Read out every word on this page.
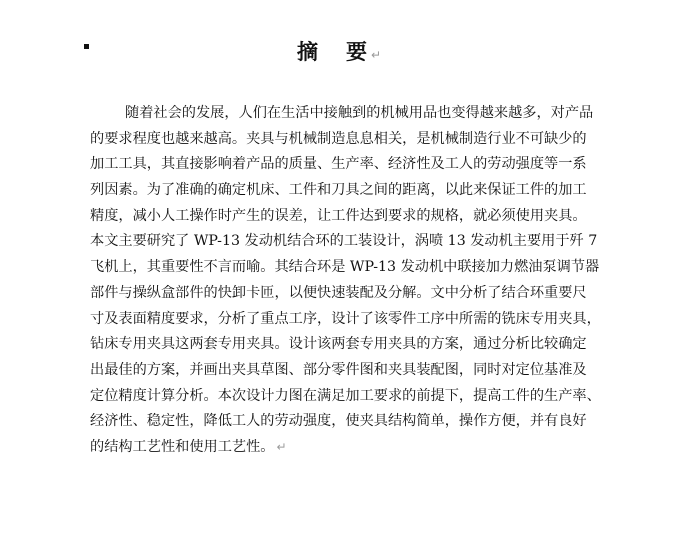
摘 要 ↵
随着社会的发展，人们在生活中接触到的机械用品也变得越来越多，对产品
的要求程度也越来越高。夹具与机械制造息息相关，是机械制造行业不可缺少的
加工工具，其直接影响着产品的质量、生产率、经济性及工人的劳动强度等一系
列因素。为了准确的确定机床、工件和刀具之间的距离，以此来保证工件的加工
精度，减小人工操作时产生的误差，让工件达到要求的规格，就必须使用夹具。
本文主要研究了 WP-13 发动机结合环的工装设计，涡喷 13 发动机主要用于歼 7
飞机上，其重要性不言而喻。其结合环是 WP-13 发动机中联接加力燃油泵调节器
部件与操纵盒部件的快卸卡匝，以便快速装配及分解。文中分析了结合环重要尺
寸及表面精度要求，分析了重点工序，设计了该零件工序中所需的铣床专用夹具，
钻床专用夹具这两套专用夹具。设计该两套专用夹具的方案，通过分析比较确定
出最佳的方案，并画出夹具草图、部分零件图和夹具装配图，同时对定位基准及
定位精度计算分析。本次设计力图在满足加工要求的前提下，提高工件的生产率、
经济性、稳定性，降低工人的劳动强度，使夹具结构简单，操作方便，并有良好
的结构工艺性和使用工艺性。 ↵
